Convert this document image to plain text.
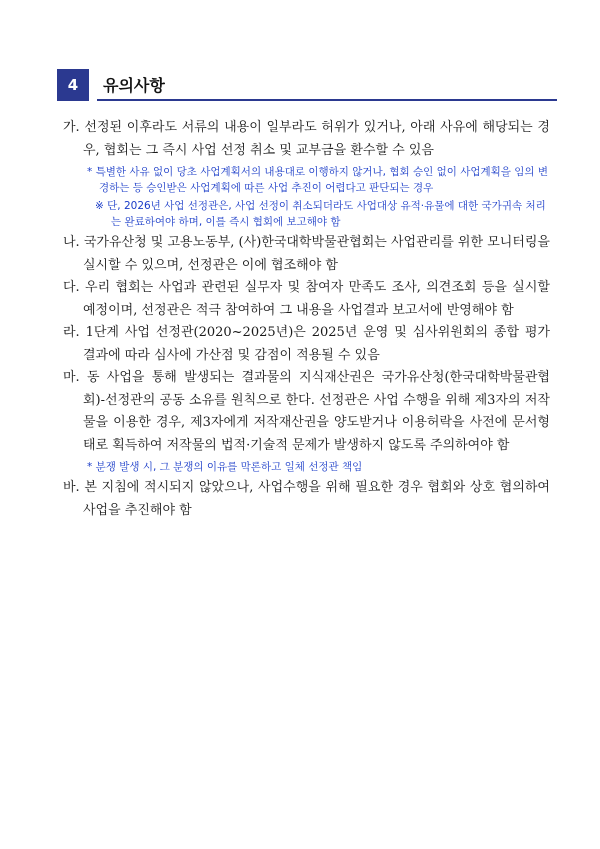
4	유의사항

가. 선정된 이후라도 서류의 내용이 일부라도 허위가 있거나, 아래 사유에 해당되는 경우, 협회는 그 즉시 사업 선정 취소 및 교부금을 환수할 수 있음

* 특별한 사유 없이 당초 사업계획서의 내용대로 이행하지 않거나, 협회 승인 없이 사업계획을 임의 변경하는 등 승인받은 사업계획에 따른 사업 추진이 어렵다고 판단되는 경우

※ 단, 2026년 사업 선정관은, 사업 선정이 취소되더라도 사업대상 유적·유물에 대한 국가귀속 처리는 완료하여야 하며, 이를 즉시 협회에 보고해야 함

나. 국가유산청 및 고용노동부, (사)한국대학박물관협회는 사업관리를 위한 모니터링을 실시할 수 있으며, 선정관은 이에 협조해야 함

다. 우리 협회는 사업과 관련된 실무자 및 참여자 만족도 조사, 의견조회 등을 실시할 예정이며, 선정관은 적극 참여하여 그 내용을 사업결과 보고서에 반영해야 함

라. 1단계 사업 선정관(2020~2025년)은 2025년 운영 및 심사위원회의 종합 평가 결과에 따라 심사에 가산점 및 감점이 적용될 수 있음

마. 동 사업을 통해 발생되는 결과물의 지식재산권은 국가유산청(한국대학박물관협회)-선정관의 공동 소유를 원칙으로 한다. 선정관은 사업 수행을 위해 제3자의 저작물을 이용한 경우, 제3자에게 저작재산권을 양도받거나 이용허락을 사전에 문서형태로 획득하여 저작물의 법적·기술적 문제가 발생하지 않도록 주의하여야 함

* 분쟁 발생 시, 그 분쟁의 이유를 막론하고 일체 선정관 책임

바. 본 지침에 적시되지 않았으나, 사업수행을 위해 필요한 경우 협회와 상호 협의하여 사업을 추진해야 함
